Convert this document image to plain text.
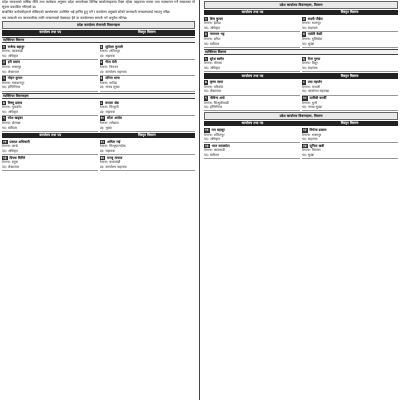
प्रदेश सरकारको वार्षिक नीति तथा कार्यक्रम अनुसार प्रदेश अन्तर्गतका विभिन्न कार्यालयहरूमा रिक्त रहेका पदहरूमा सरुवा तथा पदस्थापन गर्ने सम्बन्धमा यो सूचना प्रकाशित गरिएको छ।

सम्बन्धित कर्मचारीहरूले तोकिएको कार्यालयमा उपस्थित भई हाजिर हुनु पर्ने र कार्यालय प्रमुखले सोको जानकारी मन्त्रालयलाई गराउनु पर्नेछ।

यस सम्बन्धी थप जानकारीका लागि मन्त्रालयको वेबसाइट हेर्न वा कार्यालयमा सम्पर्क गर्न अनुरोध गरिन्छ।

प्रदेश कार्यालय रोजगारी विवरणहरू
कार्यालय तथा पद	विस्तृत विवरण
व्यक्तिगत विवरण
१ राजेन्द्र बहादुर
ठेगाना: काठमाडौं
पद: अधिकृत
२ सुशिला कुमारी
ठेगाना: ललितपुर
पद: सहायक
३ हरि प्रसाद
ठेगाना: भक्तपुर
पद: लेखापाल
४ गीता देवी
ठेगाना: चितवन
पद: कार्यालय सहायक
५ मोहन कुमार
ठेगाना: मकवानपुर
पद: इन्जिनियर
६ सरिता थापा
ठेगाना: धादिङ
पद: नायब सुब्बा
व्यक्तिगत विवरणहरू
७ विष्णु प्रसाद
ठेगाना: नुवाकोट
पद: अधिकृत
८ कमला श्रेष्ठ
ठेगाना: सिन्धुली
पद: सहायक
९ रमेश खड्का
ठेगाना: दोलखा
पद: खरिदार
१० सीता अर्याल
ठेगाना: रामेछाप
पद: सुब्बा
कार्यालय तथा पद	विस्तृत विवरण
११ प्रकाश अधिकारी
ठेगाना: काभ्रे
पद: अधिकृत
१२ अनिता राई
ठेगाना: सिन्धुपाल्चोक
पद: सहायक
१३ दिपक घिमिरे
ठेगाना: रसुवा
पद: लेखापाल
१४ मञ्जु तामाङ
ठेगाना: काठमाडौं
पद: कार्यालय सहायक
प्रदेश कार्यालय विवरणहरू, विवरण
कार्यालय तथा पद	विस्तृत विवरण
१ शिव कुमार
ठेगाना: हेटौंडा
पद: अधिकृत
२ लक्ष्मी पौडेल
ठेगाना: भरतपुर
पद: सहायक
३ नारायण भट्ट
ठेगाना: बनेपा
पद: खरिदार
४ पार्वती केसी
ठेगाना: धुलिखेल
पद: सुब्बा
व्यक्तिगत विवरण
५ सुरेश बस्नेत
ठेगाना: चौतारा
पद: अधिकृत
६ रीता गुरुङ
ठेगाना: विदुर
पद: सहायक
कार्यालय तथा पद	विस्तृत विवरण
७ कृष्ण लामा
ठेगाना: चरिकोट
पद: लेखापाल
८ उषा महर्जन
ठेगाना: मन्थली
पद: कार्यालय सहायक
९ गोविन्द शर्मा
ठेगाना: सिन्धुलीमाढी
पद: इन्जिनियर
१० सावित्री कार्की
ठेगाना: धुन्चे
पद: नायब सुब्बा
प्रदेश कार्यालय विवरणहरू, विवरण
कार्यालय तथा पद	विस्तृत विवरण
११ राम बहादुर
ठेगाना: ललितपुर
पद: अधिकृत
१२ निर्मला ढकाल
ठेगाना: भक्तपुर
पद: सहायक
१३ भरत सापकोटा
ठेगाना: काठमाडौं
पद: खरिदार
१४ सुनिता खत्री
ठेगाना: चितवन
पद: सुब्बा
